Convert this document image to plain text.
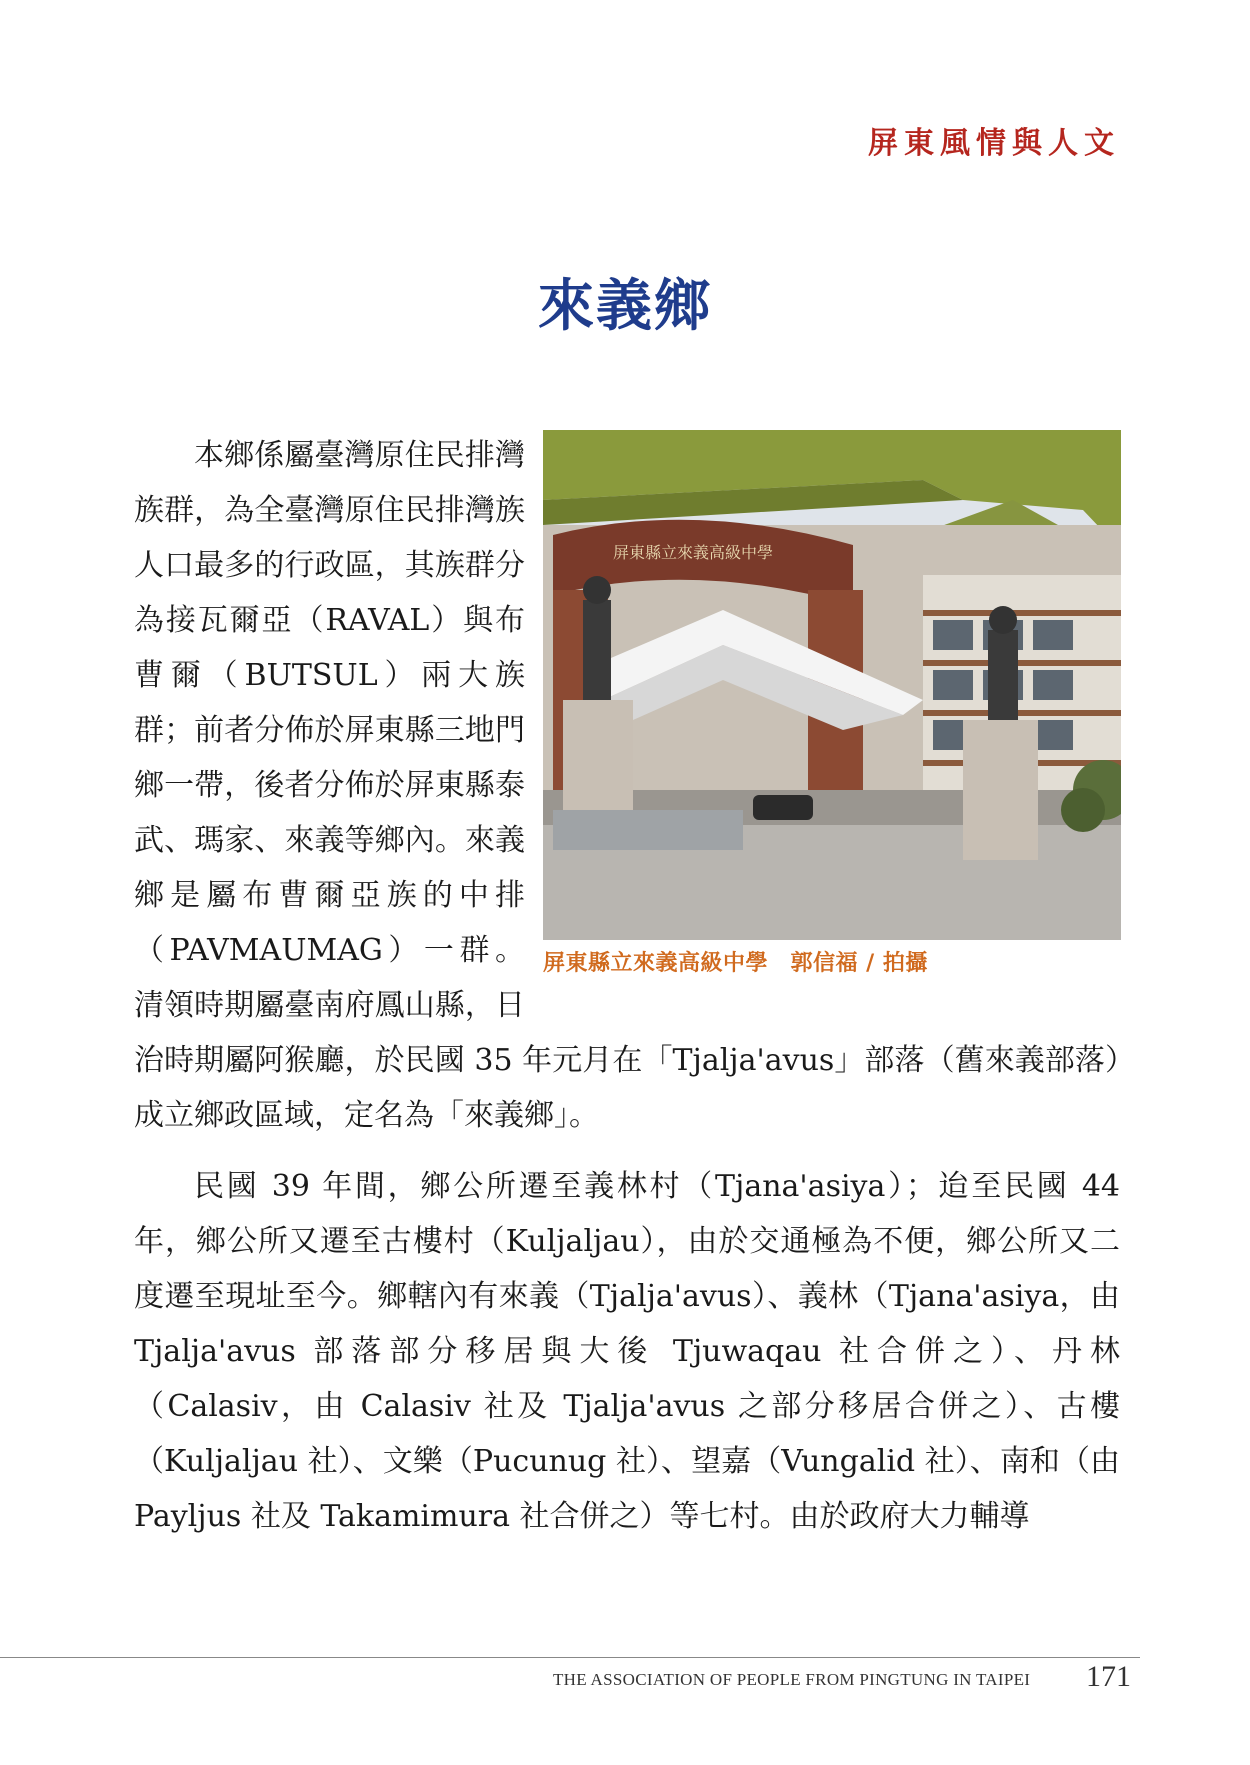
屏東風情與人文
來義鄉
屏東縣立來義高級中學
屏東縣立來義高級中學　郭信福 / 拍攝

本鄉係屬臺灣原住民排灣族群，為全臺灣原住民排灣族人口最多的行政區，其族群分為接瓦爾亞（RAVAL）與布曹爾（BUTSUL）兩大族群；前者分佈於屏東縣三地門鄉一帶，後者分佈於屏東縣泰武、瑪家、來義等鄉內。來義鄉是屬布曹爾亞族的中排（PAVMAUMAG）一群。清領時期屬臺南府鳳山縣，日治時期屬阿猴廳，於民國 35 年元月在「Tjalja'avus」部落（舊來義部落）成立鄉政區域，定名為「來義鄉」。

民國 39 年間，鄉公所遷至義林村（Tjana'asiya）；迨至民國 44 年，鄉公所又遷至古樓村（Kuljaljau），由於交通極為不便，鄉公所又二度遷至現址至今。鄉轄內有來義（Tjalja'avus）、義林（Tjana'asiya，由 Tjalja'avus 部落部分移居與大後 Tjuwaqau 社合併之）、丹林（Calasiv，由 Calasiv 社及 Tjalja'avus 之部分移居合併之）、古樓（Kuljaljau 社）、文樂（Pucunug 社）、望嘉（Vungalid 社）、南和（由 Payljus 社及 Takamimura 社合併之）等七村。由於政府大力輔導

THE ASSOCIATION OF PEOPLE FROM PINGTUNG IN TAIPEI 171
